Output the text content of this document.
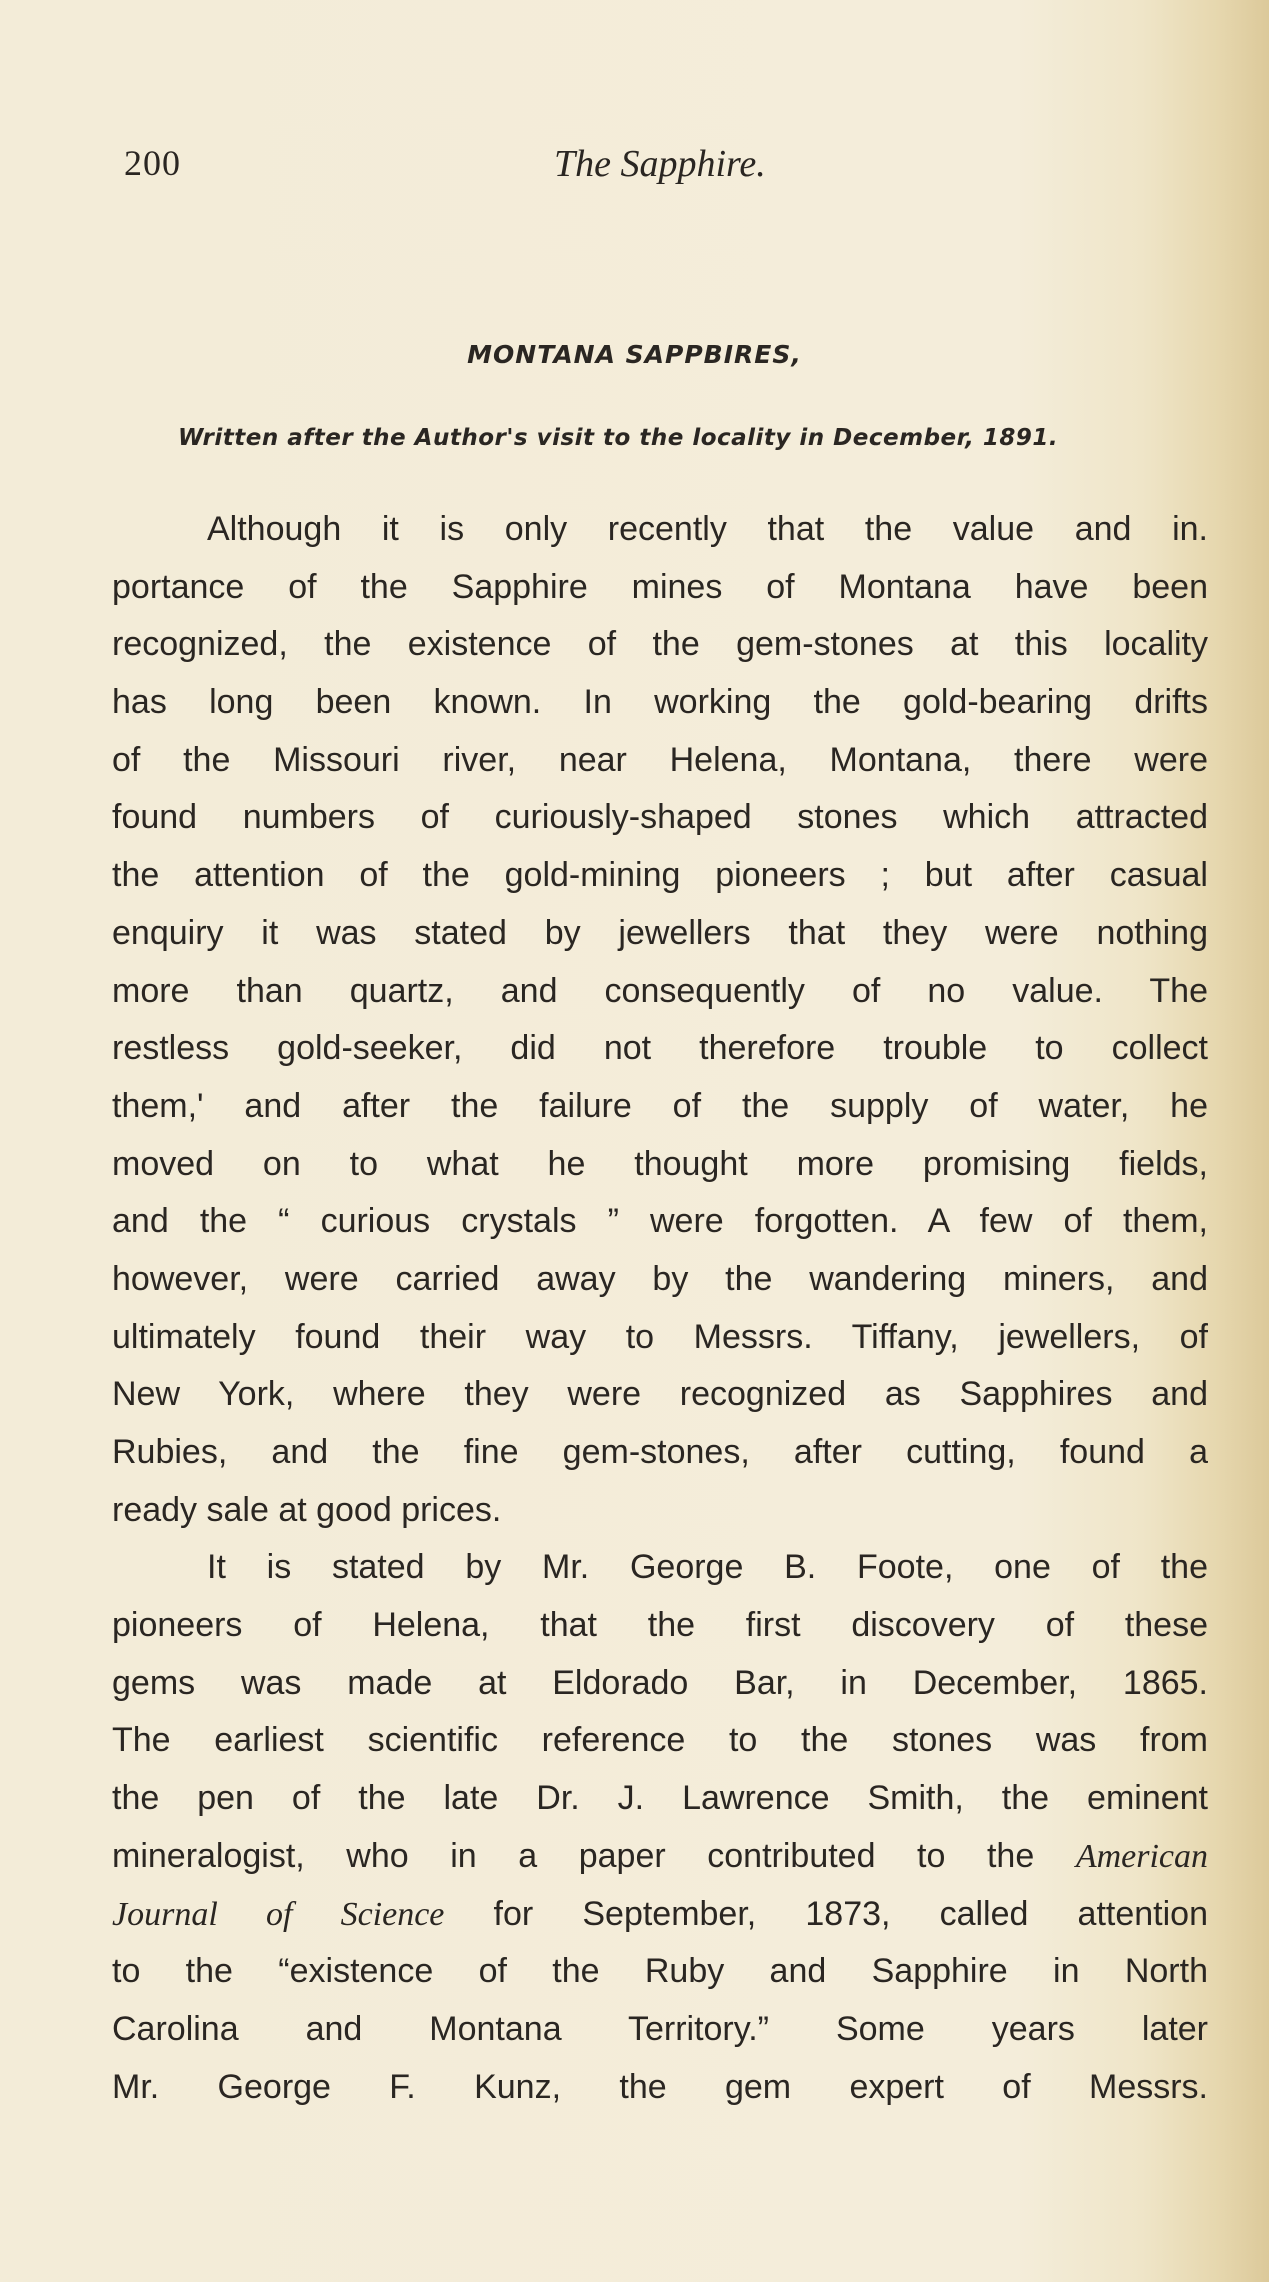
200	The Sapphire.
MONTANA SAPPBIRES,
Written after the Author's visit to the locality in December, 1891.
Although it is only recently that the value and in.
portance of the Sapphire mines of Montana have been
recognized, the existence of the gem-stones at this locality
has long been known. In working the gold-bearing drifts
of the Missouri river, near Helena, Montana, there were
found numbers of curiously-shaped stones which attracted
the attention of the gold-mining pioneers ; but after casual
enquiry it was stated by jewellers that they were nothing
more than quartz, and consequently of no value. The
restless gold-seeker, did not therefore trouble to collect
them,' and after the failure of the supply of water, he
moved on to what he thought more promising fields,
and the “ curious crystals ” were forgotten. A few of them,
however, were carried away by the wandering miners, and
ultimately found their way to Messrs. Tiffany, jewellers, of
New York, where they were recognized as Sapphires and
Rubies, and the fine gem-stones, after cutting, found a
ready sale at good prices.
It is stated by Mr. George B. Foote, one of the
pioneers of Helena, that the first discovery of these
gems was made at Eldorado Bar, in December, 1865.
The earliest scientific reference to the stones was from
the pen of the late Dr. J. Lawrence Smith, the eminent
mineralogist, who in a paper contributed to the American
Journal of Science for September, 1873, called attention
to the “existence of the Ruby and Sapphire in North
Carolina and Montana Territory.” Some years later
Mr. George F. Kunz, the gem expert of Messrs.
